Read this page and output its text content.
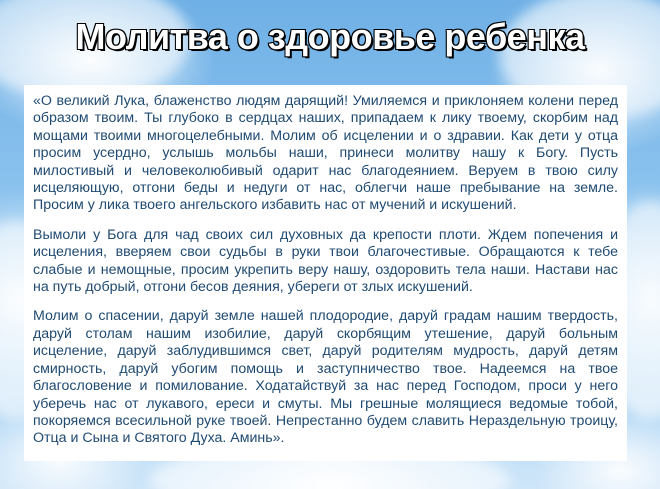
Молитва о здоровье ребенка

«О великий Лука, блаженство людям дарящий! Умиляемся и приклоняем колени перед образом твоим. Ты глубоко в сердцах наших, припадаем к лику твоему, скорбим над мощами твоими многоцелебными. Молим об исцелении и о здравии. Как дети у отца просим усердно, услышь мольбы наши, принеси молитву нашу к Богу. Пусть милостивый и человеколюбивый одарит нас благодеянием. Веруем в твою силу исцеляющую, отгони беды и недуги от нас, облегчи наше пребывание на земле. Просим у лика твоего ангельского избавить нас от мучений и искушений.

Вымоли у Бога для чад своих сил духовных да крепости плоти. Ждем попечения и исцеления, вверяем свои судьбы в руки твои благочестивые. Обращаются к тебе слабые и немощные, просим укрепить веру нашу, оздоровить тела наши. Настави нас на путь добрый, отгони бесов деяния, убереги от злых искушений.

Молим о спасении, даруй земле нашей плодородие, даруй градам нашим твердость, даруй столам нашим изобилие, даруй скорбящим утешение, даруй больным исцеление, даруй заблудившимся свет, даруй родителям мудрость, даруй детям смирность, даруй убогим помощь и заступничество твое. Надеемся на твое благословение и помилование. Ходатайствуй за нас перед Господом, проси у него уберечь нас от лукавого, ереси и смуты. Мы грешные молящиеся ведомые тобой, покоряемся всесильной руке твоей. Непрестанно будем славить Нераздельную троицу, Отца и Сына и Святого Духа. Аминь».
